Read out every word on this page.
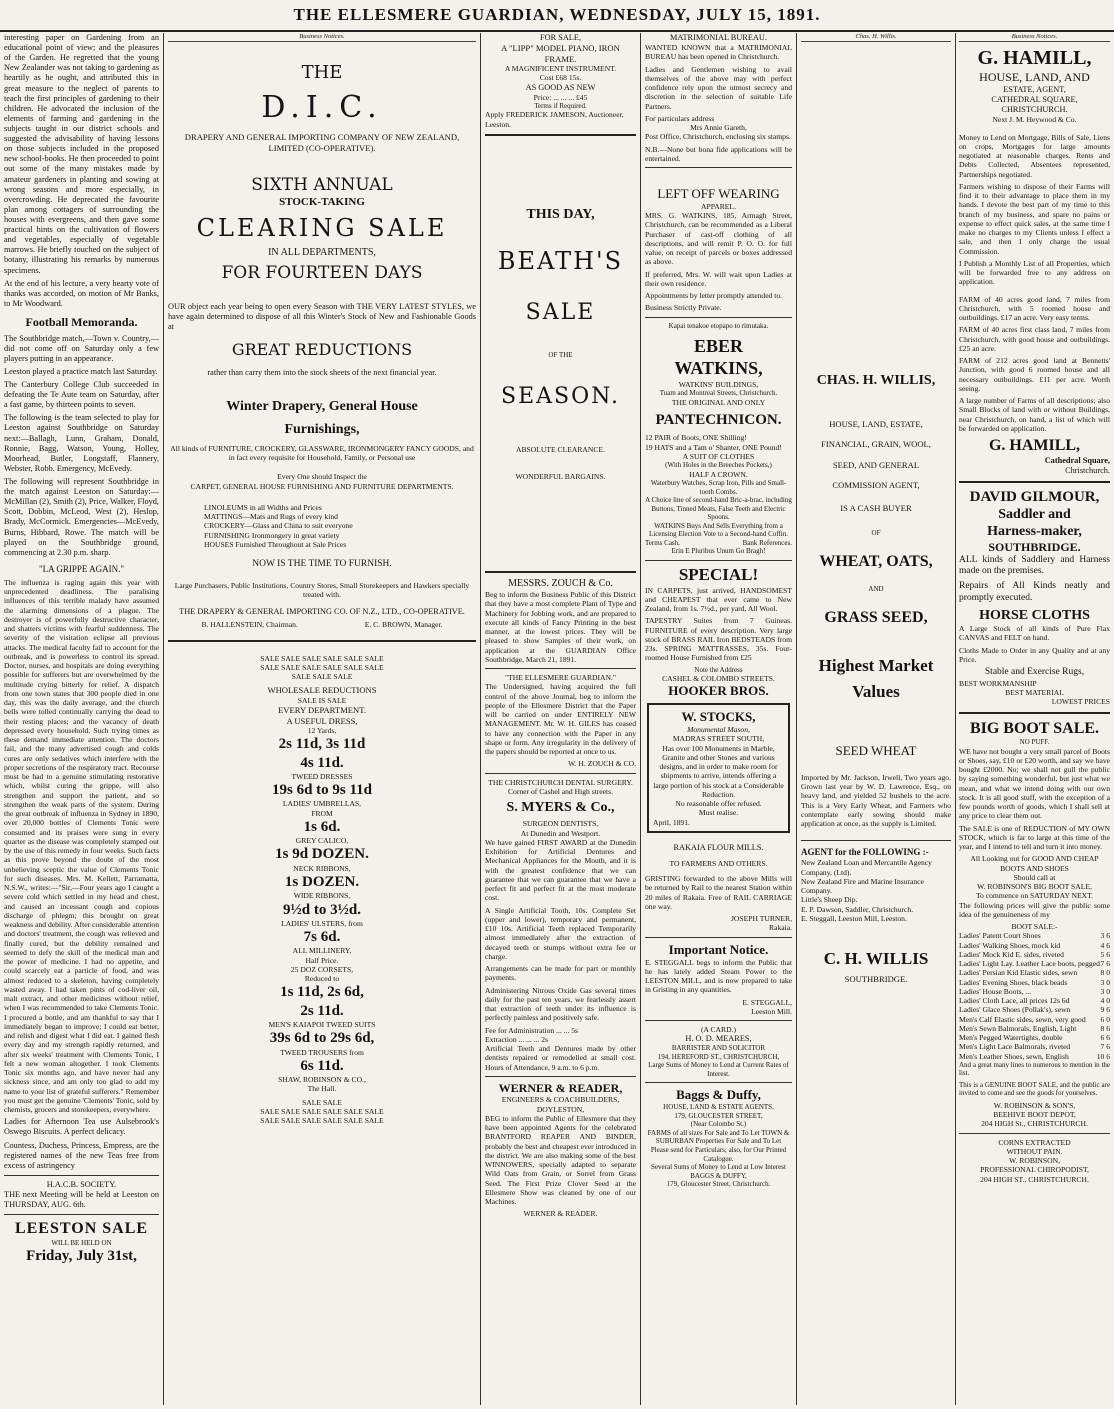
THE ELLESMERE GUARDIAN, WEDNESDAY, JULY 15, 1891.

interesting paper on Gardening from an educational point of view; and the pleasures of the Garden. He regretted that the young New Zealander was not taking to gardening as heartily as he ought, and attributed this in great measure to the neglect of parents to teach the first principles of gardening to their children. He advocated the inclusion of the elements of farming and gardening in the subjects taught in our district schools and suggested the advisability of having lessons on those subjects included in the proposed new school-books. He then proceeded to point out some of the many mistakes made by amateur gardeners in planting and sowing at wrong seasons and more especially, in overcrowding. He deprecated the favourite plan among cottagers of surrounding the houses with evergreens, and then gave some practical hints on the cultivation of flowers and vegetables, especially of vegetable marrows. He briefly touched on the subject of botany, illustrating his remarks by numerous specimens.

At the end of his lecture, a very hearty vote of thanks was accorded, on motion of Mr Banks, to Mr Woodward.

Football Memoranda.

The Southbridge match,—Town v. Country,—did not come off on Saturday only a few players putting in an appearance.

Leeston played a practice match last Saturday.

The Canterbury College Club succeeded in defeating the Te Aute team on Saturday, after a fast game, by thirteen points to seven.

The following is the team selected to play for Leeston against Southbridge on Saturday next:—Ballagh, Lunn, Graham, Donald, Ronnie, Bagg, Watson, Young, Holley, Moorhead, Butler, Longstaff, Flannery, Webster, Robb. Emergency, McEvedy.

The following will represent Southbridge in the match against Leeston on Saturday:—McMillan (2), Smith (2), Price, Walker, Floyd, Scott, Dobbin, McLeod, West (2), Heslop, Brady, McCormick. Emergencies—McEvedy, Burns, Hibbard, Rowe. The match will be played on the Southbridge ground, commencing at 2.30 p.m. sharp.

"LA GRIPPE AGAIN."

The influenza is raging again this year with unprecedented deadliness. The paralising influences of this terrible malady have assumed the alarming dimensions of a plague. The destroyer is of powerfully destructive character, and shatters victims with fearful suddenness. The severity of the visitation eclipse all previous attacks. The medical faculty fail to account for the outbreak, and is powerless to control its spread. Doctor, nurses, and hospitals are doing everything possible for sufferers but are overwhelmed by the multitude crying bitterly for relief. A dispatch from one town states that 300 people died in one day, this was the daily average, and the church bells were tolled continually carrying the dead to their resting places; and the vacancy of death depressed every household. Such trying times as these demand immediate attention. The doctors fail, and the many advertised cough and colds cures are only sedatives which interfere with the proper secretions of the respiratory tract. Recourse must be had to a genuine stimulating restorative which, whilst curing the grippe, will also strengthen and support the patient, and so strengthen the weak parts of the system. During the great outbreak of influenza in Sydney in 1890, over 20,000 bottles of Clements Tonic were consumed and its praises were sung in every quarter as the disease was completely stamped out by the use of this remedy in four weeks. Such facts as this prove beyond the doubt of the most unbelieving sceptic the value of Clements Tonic for such diseases. Mrs. M. Kellett, Parramatta, N.S.W., writes:—"Sir,—Four years ago I caught a severe cold which settled in my head and chest, and caused an incessant cough and copious discharge of phlegm; this brought on great weakness and debility. After considerable attention and doctors' treatment, the cough was relieved and finally cured, but the debility remained and seemed to defy the skill of the medical man and the power of medicine. I had no appetite, and could scarcely eat a particle of food, and was almost reduced to a skeleton, having completely wasted away. I had taken pints of cod-liver oil, malt extract, and other medicines without relief, when I was recommended to take Clements Tonic. I procured a bottle, and am thankful to say that I immediately began to improve; I could eat better, and relish and digest what I did eat. I gained flesh every day and my strength rapidly returned, and after six weeks' treatment with Clements Tonic, I felt a new woman altogether. I took Clements Tonic six months ago, and have never had any sickness since, and am only too glad to add my name to your list of grateful sufferers." Remember you must get the genuine 'Clements' Tonic, sold by chemists, grocers and storekeepers, everywhere.

Ladies for Afternoon Tea use Aulsebrook's Oswego Biscuits. A perfect delicacy.

Countess, Duchess, Princess, Empress, are the registered names of the new Teas free from excess of astringency

H.A.C.B. SOCIETY.

THE next Meeting will be held at Leeston on THURSDAY, AUG. 6th.

LEESTON SALE
WILL BE HELD ON
Friday, July 31st,
Business Notices.
THE
D.I.C.
DRAPERY AND GENERAL IMPORTING COMPANY OF NEW ZEALAND, LIMITED (CO-OPERATIVE).
SIXTH ANNUAL
STOCK-TAKING
CLEARING SALE
IN ALL DEPARTMENTS,
FOR FOURTEEN DAYS

OUR object each year being to open every Season with THE VERY LATEST STYLES, we have again determined to dispose of all this Winter's Stock of New and Fashionable Goods at

GREAT REDUCTIONS
rather than carry them into the stock sheets of the next financial year.
Winter Drapery, General House
Furnishings,
All kinds of FURNITURE, CROCKERY, GLASSWARE, IRONMONGERY FANCY GOODS, and in fact every requisite for Household, Family, or Personal use
Every One should Inspect the
CARPET, GENERAL HOUSE FURNISHING AND FURNITURE DEPARTMENTS.
LINOLEUMS in all Widths and Prices
MATTINGS—Mats and Rugs of every kind
CROCKERY—Glass and China to suit everyone
FURNISHING Ironmongery in great variety
HOUSES Furnished Throughout at Sale Prices
NOW IS THE TIME TO FURNISH.
Large Purchasers, Public Institutions, Country Stores, Small Storekeepers and Hawkers specially treated with.
THE DRAPERY & GENERAL IMPORTING CO. OF N.Z., LTD., CO-OPERATIVE.
B. HALLENSTEIN, Chairman.	E. C. BROWN, Manager.
SALE SALE SALE SALE SALE SALE
SALE SALE SALE SALE SALE SALE
SALE SALE SALE
WHOLESALE REDUCTIONS
SALE IS SALE
EVERY DEPARTMENT.
A USEFUL DRESS,
12 Yards,
2s 11d, 3s 11d
4s 11d.
TWEED DRESSES
19s 6d to 9s 11d
LADIES' UMBRELLAS,
FROM
1s 6d.
GREY CALICO,
1s 9d DOZEN.
NECK RIBBONS,
1s DOZEN.
WIDE RIBBONS,
9½d to 3½d.
LADIES' ULSTERS, from
7s 6d.
ALL MILLINERY,
Half Price.
25 DOZ CORSETS,
Reduced to
1s 11d, 2s 6d,
2s 11d.
MEN'S KAIAPOI TWEED SUITS
39s 6d to 29s 6d,
TWEED TROUSERS from
6s 11d.
SHAW, ROBINSON & CO.,
The Hall.
SALE SALE
SALE SALE SALE SALE SALE SALE
SALE SALE SALE SALE SALE SALE
FOR SALE,
A "LIPP" MODEL PIANO, IRON FRAME.
A MAGNIFICENT INSTRUMENT.
Cost £68 15s.
AS GOOD AS NEW
Price: ... ... ... £45
Terms if Required.
Apply FREDERICK JAMESON, Auctioneer, Leeston.
THIS DAY,
BEATH'S
SALE
OF THE
SEASON.
ABSOLUTE CLEARANCE.
WONDERFUL BARGAINS.
MESSRS. ZOUCH & Co.

Beg to inform the Business Public of this District that they have a most complete Plant of Type and Machinery for Jobbing work, and are prepared to execute all kinds of Fancy Printing in the best manner, at the lowest prices. They will be pleased to show Samples of their work, on application at the GUARDIAN Office Southbridge, March 21, 1891.

"THE ELLESMERE GUARDIAN."

The Undersigned, having acquired the full control of the above Journal, beg to inform the people of the Ellesmere District that the Paper will be carried on under ENTIRELY NEW MANAGEMENT. Mr. W. H. GILES has ceased to have any connection with the Paper in any shape or form. Any irregularity in the delivery of the papers should be reported at once to us.

W. H. ZOUCH & CO.
THE CHRISTCHURCH DENTAL SURGERY.
Corner of Cashel and High streets.
S. MYERS & Co.,
SURGEON DENTISTS,
At Dunedin and Westport.

We have gained FIRST AWARD at the Dunedin Exhibition for Artificial Dentures and Mechanical Appliances for the Mouth, and it is with the greatest confidence that we can guarantee that we can guarantee that we have a perfect fit and perfect fit at the most moderate cost.

A Single Artificial Tooth, 10s. Complete Set (upper and lower), temporary and permanent, £10 10s. Artificial Teeth replaced Temporarily almost immediately after the extraction of decayed teeth or stumps without extra fee or charge.

Arrangements can be made for part or monthly payments.

Administering Nitrous Oxide Gas several times daily for the past ten years, we fearlessly assert that extraction of teeth under its influence is perfectly painless and positively safe.

Fee for Administration ... ... 5s
Extraction ... ... ... 2s

Artificial Teeth and Dentures made by other dentists repaired or remodelled at small cost. Hours of Attendance, 9 a.m. to 6 p.m.

WERNER & READER,
ENGINEERS & COACHBUILDERS,
DOYLESTON,

BEG to inform the Public of Ellesmere that they have been appointed Agents for the celebrated BRANTFORD REAPER AND BINDER, probably the best and cheapest ever introduced in the district. We are also making some of the best WINNOWERS, specially adapted to separate Wild Oats from Grain, or Sorrel from Grass Seed. The First Prize Clover Seed at the Ellesmere Show was cleaned by one of our Machines.

WERNER & READER.
MATRIMONIAL BUREAU.

WANTED KNOWN that a MATRIMONIAL BUREAU has been opened in Christchurch.

Ladies and Gentlemen wishing to avail themselves of the above may with perfect confidence rely upon the utmost secrecy and discretion in the selection of suitable Life Partners.

For particulars address
Mrs Annie Gareth,

Post Office, Christchurch, enclosing six stamps.

N.B.—None but bona fide applications will be entertained.

LEFT OFF WEARING
APPAREL.

MRS. G. WATKINS, 185, Armagh Street, Christchurch, can be recommended as a Liberal Purchaser of cast-off clothing of all descriptions, and will remit P. O. O. for full value, on receipt of parcels or boxes addressed as above.

If preferred, Mrs. W. will wait upon Ladies at their own residence.

Appointments by letter promptly attended to.

Business Strictly Private.
Kapai tenakoe etopapo to rimutaka.
EBER
WATKINS,
WATKINS' BUILDINGS,
Tuam and Montreal Streets, Christchurch.
THE ORIGINAL AND ONLY
PANTECHNICON.
12 PAIR of Boots, ONE Shilling!
19 HATS and a Tam o' Shanter, ONE Pound!
A SUIT OF CLOTHES
(With Holes in the Breeches Pockets,)
HALF A CROWN.
Waterbury Watches, Scrap Iron, Pills and Small-tooth Combs.
A Choice line of second-hand Bric-a-brac, including Buttons, Tinned Meats, False Teeth and Electric Spoons.
WATKINS Buys And Sells Everything from a Licensing Election Vote to a Second-hand Coffin.
Terms Cash.	Bank References.
Erin E Pluribus Unum Go Bragh!
SPECIAL!

IN CARPETS, just arrived, HANDSOMEST and CHEAPEST that ever came to New Zealand, from 1s. 7½d., per yard, All Wool.

TAPESTRY Suites from 7 Guineas. FURNITURE of every description. Very large stock of BRASS RAIL Iron BEDSTEADS from 23s. SPRING MATTRASSES, 35s. Four-roomed House Furnished from £25

Note the Address
CASHEL & COLOMBO STREETS.
HOOKER BROS.
W. STOCKS,
Monumental Mason,
MADRAS STREET SOUTH,
Has over 100 Monuments in Marble, Granite and other Stones and various designs, and in order to make room for shipments to arrive, intends offering a large portion of his stock at a Considerable Reduction.
No reasonable offer refused.
Must realise.
April, 1891.
RAKAIA FLOUR MILLS.
TO FARMERS AND OTHERS.

GRISTING forwarded to the above Mills will be returned by Rail to the nearest Station within 20 miles of Rakaia. Free of RAIL CARRIAGE one way.

JOSEPH TURNER,
Rakaia.
Important Notice.

E. STEGGALL begs to inform the Public that he has lately added Steam Power to the LEESTON MILL, and is now prepared to take in Gristing in any quantities.

E. STEGGALL,
Leeston Mill.
(A CARD.)
H. O. D. MEARES,
BARRISTER AND SOLICITOR
194, HEREFORD ST., CHRISTCHURCH,
Large Sums of Money to Lend at Current Rates of Interest.
Baggs & Duffy,
HOUSE, LAND & ESTATE AGENTS,
179, GLOUCESTER STREET,
(Near Colombo St.)
FARMS of all sizes For Sale and To Let TOWN & SUBURBAN Properties For Sale and To Let
Please send for Particulars; also, for Our Printed Catalogue.
Several Sums of Money to Lend at Low Interest
BAGGS & DUFFY,
179, Gloucester Street, Christchurch.
Chas. H. Willis.
CHAS. H. WILLIS,
HOUSE, LAND, ESTATE,
FINANCIAL, GRAIN, WOOL,
SEED, AND GENERAL
COMMISSION AGENT,
IS A CASH BUYER
OF
WHEAT, OATS,
AND
GRASS SEED,
Highest Market
Values
SEED WHEAT

Imported by Mr. Jackson, Irwell, Two years ago. Grown last year by W. D. Lawrence, Esq., on heavy land, and yielded 52 bushels to the acre. This is a Very Early Wheat, and Farmers who contemplate early sowing should make application at once, as the supply is Limited.

AGENT for the FOLLOWING :-
New Zealand Loan and Mercantile Agency Company, (Ltd).
New Zealand Fire and Marine Insurance Company.
Little's Sheep Dip.
E. P. Dawson, Saddler, Christchurch.
E. Steggall, Leeston Mill, Leeston.
C. H. WILLIS
SOUTHBRIDGE.
Business Notices.
G. HAMILL,
HOUSE, LAND, AND
ESTATE, AGENT,
CATHEDRAL SQUARE,
CHRISTCHURCH.
Next J. M. Heywood & Co.

Money to Lend on Mortgage, Bills of Sale, Liens on crops, Mortgages for large amounts negotiated at reasonable charges. Rents and Debts Collected, Absentees represented, Partnerships negotiated.

Farmers wishing to dispose of their Farms will find it to their advantage to place them in my hands. I devote the best part of my time to this branch of my business, and spare no pains or expense to effect quick sales, at the same time I make no charges to my Clients unless I effect a sale, and then I only charge the usual Commission.

I Publish a Monthly List of all Properties, which will be forwarded free to any address on application.

FARM of 40 acres good land, 7 miles from Christchurch, with 5 roomed house and outbuildings. £17 an acre. Very easy terms.

FARM of 40 acres first class land, 7 miles from Christchurch, with good house and outbuildings. £25 an acre.

FARM of 212 acres good land at Bennetts' Junction, with good 6 roomed house and all necessary outbuildings. £11 per acre. Worth seeing.

A large number of Farms of all descriptions; also Small Blocks of land with or without Buildings, near Christchurch, on hand, a list of which will be forwarded on application.

G. HAMILL,
Cathedral Square,
Christchurch.
DAVID GILMOUR,
Saddler and
Harness-maker,
SOUTHBRIDGE.

ALL kinds of Saddlery and Harness made on the premises.

Repairs of All Kinds neatly and promptly executed.

HORSE CLOTHS

A Large Stock of all kinds of Pure Flax CANVAS and FELT on hand.

Cloths Made to Order in any Quality and at any Price.

Stable and Exercise Rugs,
BEST WORKMANSHIP
BEST MATERIAL
LOWEST PRICES
BIG BOOT SALE.
NO PUFF.

WE have not bought a very small parcel of Boots or Shoes, say, £10 or £20 worth, and say we have bought £2000. No; we shall not gull the public by saying something wonderful, but just what we mean, and what we intend doing with our own stock. It is all good stuff, with the exception of a few pounds worth of goods, which I shall sell at any price to clear them out.

The SALE is one of REDUCTION of MY OWN STOCK, which is far to large at this time of the year, and I intend to tell and turn it into money.

All Looking out for GOOD AND CHEAP BOOTS AND SHOES
Should call at
W. ROBINSON'S BIG BOOT SALE,
To commence on SATURDAY NEXT.

The following prices will give the public some idea of the genuineness of my

BOOT SALE:-
Ladies' Patent Court Shoes	3 6
Ladies' Walking Shoes, mock kid	4 6
Ladies' Mock Kid E. sides, riveted	5 6
Ladies' Light Lay. Leather Lace boots, pegged 7 6
Ladies' Persian Kid Elastic sides, sewn	8 0
Ladies' Evening Shoes, black beads	3 0
Ladies' House Boots, ...	3 0
Ladies' Cloth Lace, all prices 12s 6d	4 0
Ladies' Glace Shoes (Pollak's), sewn	9 6
Men's Calf Elastic sides, sewn, very good 6 0
Men's Sewn Balmorals, English, Light	8 6
Men's Pegged Watertights, double	6 6
Men's Light Lace Balmorals, riveted	7 6
Men's Leather Shoes, sewn, English	10 6

And a great many lines to numerous to mention in the list.

This is a GENUINE BOOT SALE, and the public are invited to come and see the goods for yourselves.

W. ROBINSON & SON'S,
BEEHIVE BOOT DEPOT,
204 HIGH St., CHRISTCHURCH.
CORNS EXTRACTED
WITHOUT PAIN.
W. ROBINSON,
PROFESSIONAL CHIROPODIST,
204 HIGH ST., CHRISTCHURCH.
